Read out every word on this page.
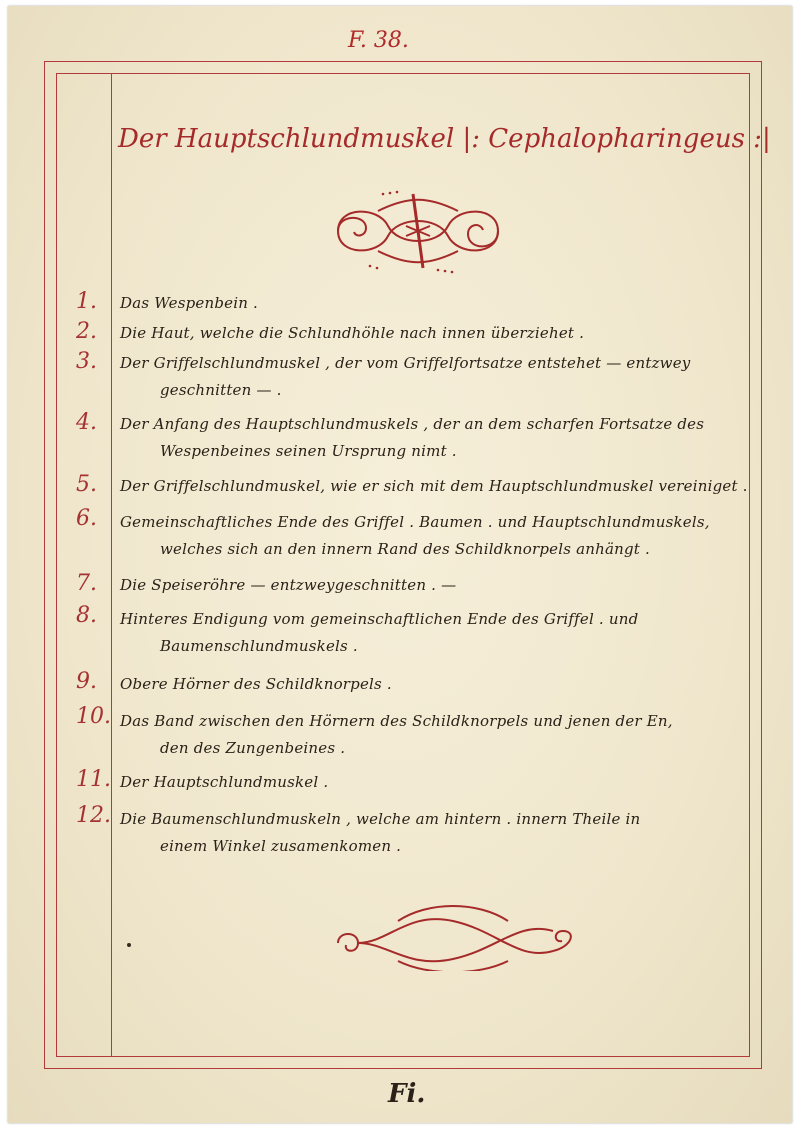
F. 38.
Der Hauptschlundmuskel |: Cephalopharingeus :|
1.	Das Wespenbein .
2.	Die Haut, welche die Schlundhöhle nach innen überziehet .
3.	Der Griffelschlundmuskel , der vom Griffelfortsatze entstehet — entzwey
geschnitten — .
4.	Der Anfang des Hauptschlundmuskels , der an dem scharfen Fortsatze des
Wespenbeines seinen Ursprung nimt .
5.	Der Griffelschlundmuskel, wie er sich mit dem Hauptschlundmuskel vereiniget .
6.	Gemeinschaftliches Ende des Griffel . Baumen . und Hauptschlundmuskels,
welches sich an den innern Rand des Schildknorpels anhängt .
7.	Die Speiseröhre — entzweygeschnitten . —
8.	Hinteres Endigung vom gemeinschaftlichen Ende des Griffel . und
Baumenschlundmuskels .
9.	Obere Hörner des Schildknorpels .
10. Das Band zwischen den Hörnern des Schildknorpels und jenen der En,
den des Zungenbeines .
11. Der Hauptschlundmuskel .
12. Die Baumenschlundmuskeln , welche am hintern . innern Theile in
einem Winkel zusamenkomen .
Fi.
